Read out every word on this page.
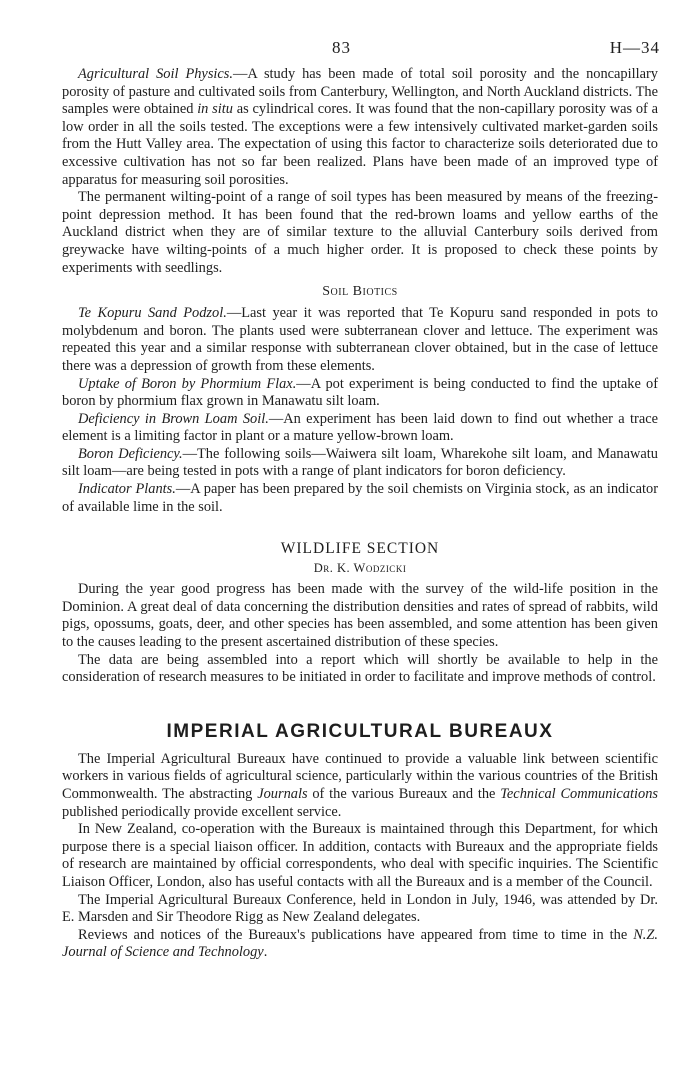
83	H—34

Agricultural Soil Physics.—A study has been made of total soil porosity and the noncapillary porosity of pasture and cultivated soils from Canterbury, Wellington, and North Auckland districts. The samples were obtained in situ as cylindrical cores. It was found that the non-capillary porosity was of a low order in all the soils tested. The exceptions were a few intensively cultivated market-garden soils from the Hutt Valley area. The expectation of using this factor to characterize soils deteriorated due to excessive cultivation has not so far been realized. Plans have been made of an improved type of apparatus for measuring soil porosities.

The permanent wilting-point of a range of soil types has been measured by means of the freezing-point depression method. It has been found that the red-brown loams and yellow earths of the Auckland district when they are of similar texture to the alluvial Canterbury soils derived from greywacke have wilting-points of a much higher order. It is proposed to check these points by experiments with seedlings.

Soil Biotics

Te Kopuru Sand Podzol.—Last year it was reported that Te Kopuru sand responded in pots to molybdenum and boron. The plants used were subterranean clover and lettuce. The experiment was repeated this year and a similar response with subterranean clover obtained, but in the case of lettuce there was a depression of growth from these elements.

Uptake of Boron by Phormium Flax.—A pot experiment is being conducted to find the uptake of boron by phormium flax grown in Manawatu silt loam.

Deficiency in Brown Loam Soil.—An experiment has been laid down to find out whether a trace element is a limiting factor in plant or a mature yellow-brown loam.

Boron Deficiency.—The following soils—Waiwera silt loam, Wharekohe silt loam, and Manawatu silt loam—are being tested in pots with a range of plant indicators for boron deficiency.

Indicator Plants.—A paper has been prepared by the soil chemists on Virginia stock, as an indicator of available lime in the soil.

WILDLIFE SECTION
Dr. K. Wodzicki

During the year good progress has been made with the survey of the wild-life position in the Dominion. A great deal of data concerning the distribution densities and rates of spread of rabbits, wild pigs, opossums, goats, deer, and other species has been assembled, and some attention has been given to the causes leading to the present ascertained distribution of these species.

The data are being assembled into a report which will shortly be available to help in the consideration of research measures to be initiated in order to facilitate and improve methods of control.

IMPERIAL AGRICULTURAL BUREAUX

The Imperial Agricultural Bureaux have continued to provide a valuable link between scientific workers in various fields of agricultural science, particularly within the various countries of the British Commonwealth. The abstracting Journals of the various Bureaux and the Technical Communications published periodically provide excellent service.

In New Zealand, co-operation with the Bureaux is maintained through this Department, for which purpose there is a special liaison officer. In addition, contacts with Bureaux and the appropriate fields of research are maintained by official correspondents, who deal with specific inquiries. The Scientific Liaison Officer, London, also has useful contacts with all the Bureaux and is a member of the Council.

The Imperial Agricultural Bureaux Conference, held in London in July, 1946, was attended by Dr. E. Marsden and Sir Theodore Rigg as New Zealand delegates.

Reviews and notices of the Bureaux's publications have appeared from time to time in the N.Z. Journal of Science and Technology.
